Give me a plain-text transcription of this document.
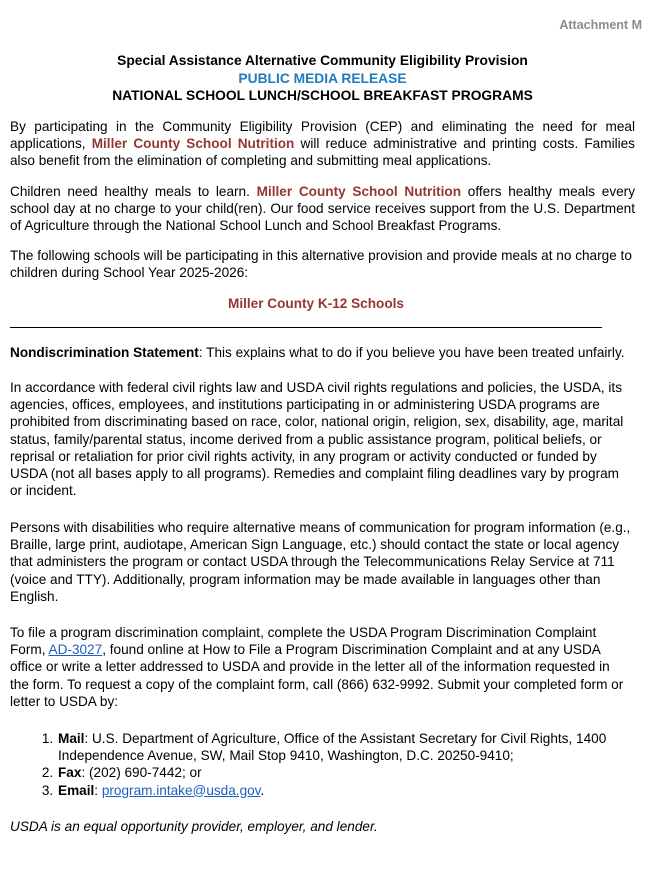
Attachment M
Special Assistance Alternative Community Eligibility Provision
PUBLIC MEDIA RELEASE
NATIONAL SCHOOL LUNCH/SCHOOL BREAKFAST PROGRAMS

By participating in the Community Eligibility Provision (CEP) and eliminating the need for meal applications, Miller County School Nutrition will reduce administrative and printing costs. Families also benefit from the elimination of completing and submitting meal applications.

Children need healthy meals to learn. Miller County School Nutrition offers healthy meals every school day at no charge to your child(ren). Our food service receives support from the U.S. Department of Agriculture through the National School Lunch and School Breakfast Programs.

The following schools will be participating in this alternative provision and provide meals at no charge to children during School Year 2025-2026:

Miller County K-12 Schools

Nondiscrimination Statement: This explains what to do if you believe you have been treated unfairly.

In accordance with federal civil rights law and USDA civil rights regulations and policies, the USDA, its agencies, offices, employees, and institutions participating in or administering USDA programs are prohibited from discriminating based on race, color, national origin, religion, sex, disability, age, marital status, family/parental status, income derived from a public assistance program, political beliefs, or reprisal or retaliation for prior civil rights activity, in any program or activity conducted or funded by USDA (not all bases apply to all programs). Remedies and complaint filing deadlines vary by program or incident.

Persons with disabilities who require alternative means of communication for program information (e.g., Braille, large print, audiotape, American Sign Language, etc.) should contact the state or local agency that administers the program or contact USDA through the Telecommunications Relay Service at 711 (voice and TTY). Additionally, program information may be made available in languages other than English.

To file a program discrimination complaint, complete the USDA Program Discrimination Complaint Form, AD-3027, found online at How to File a Program Discrimination Complaint and at any USDA office or write a letter addressed to USDA and provide in the letter all of the information requested in the form. To request a copy of the complaint form, call (866) 632-9992. Submit your completed form or letter to USDA by:

1. Mail: U.S. Department of Agriculture, Office of the Assistant Secretary for Civil Rights, 1400 Independence Avenue, SW, Mail Stop 9410, Washington, D.C. 20250-9410;
2. Fax: (202) 690-7442; or
3. Email: program.intake@usda.gov.

USDA is an equal opportunity provider, employer, and lender.
